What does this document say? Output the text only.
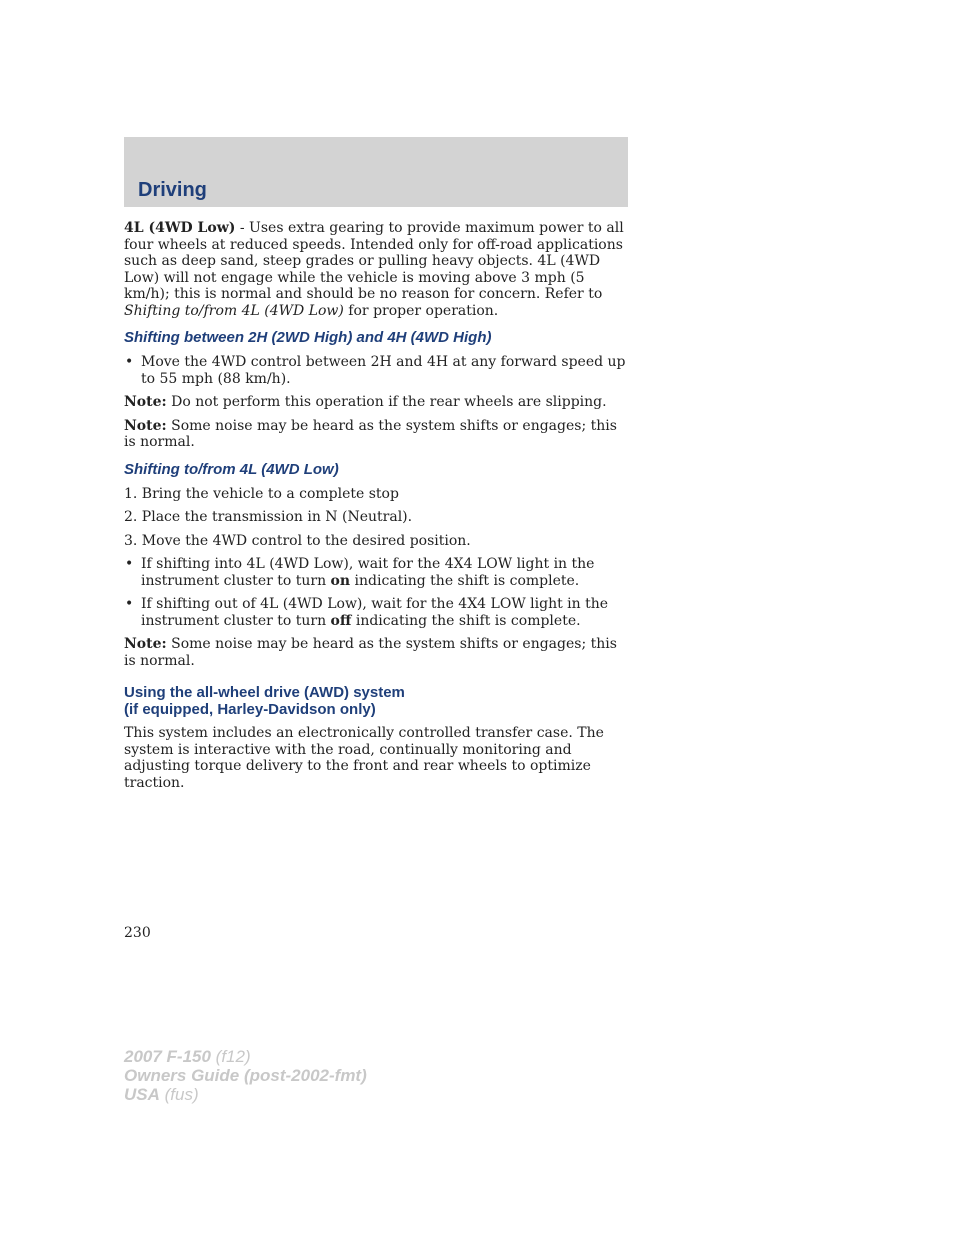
Driving

4L (4WD Low) - Uses extra gearing to provide maximum power to all four wheels at reduced speeds. Intended only for off-road applications such as deep sand, steep grades or pulling heavy objects. 4L (4WD Low) will not engage while the vehicle is moving above 3 mph (5 km/h); this is normal and should be no reason for concern. Refer to Shifting to/from 4L (4WD Low) for proper operation.

Shifting between 2H (2WD High) and 4H (4WD High)
• Move the 4WD control between 2H and 4H at any forward speed up to 55 mph (88 km/h).

Note: Do not perform this operation if the rear wheels are slipping.

Note: Some noise may be heard as the system shifts or engages; this is normal.

Shifting to/from 4L (4WD Low)

1. Bring the vehicle to a complete stop

2. Place the transmission in N (Neutral).

3. Move the 4WD control to the desired position.

• If shifting into 4L (4WD Low), wait for the 4X4 LOW light in the instrument cluster to turn on indicating the shift is complete.
• If shifting out of 4L (4WD Low), wait for the 4X4 LOW light in the instrument cluster to turn off indicating the shift is complete.

Note: Some noise may be heard as the system shifts or engages; this is normal.

Using the all-wheel drive (AWD) system
(if equipped, Harley-Davidson only)

This system includes an electronically controlled transfer case. The system is interactive with the road, continually monitoring and adjusting torque delivery to the front and rear wheels to optimize traction.

230
2007 F-150 (f12)
Owners Guide (post-2002-fmt)
USA (fus)
